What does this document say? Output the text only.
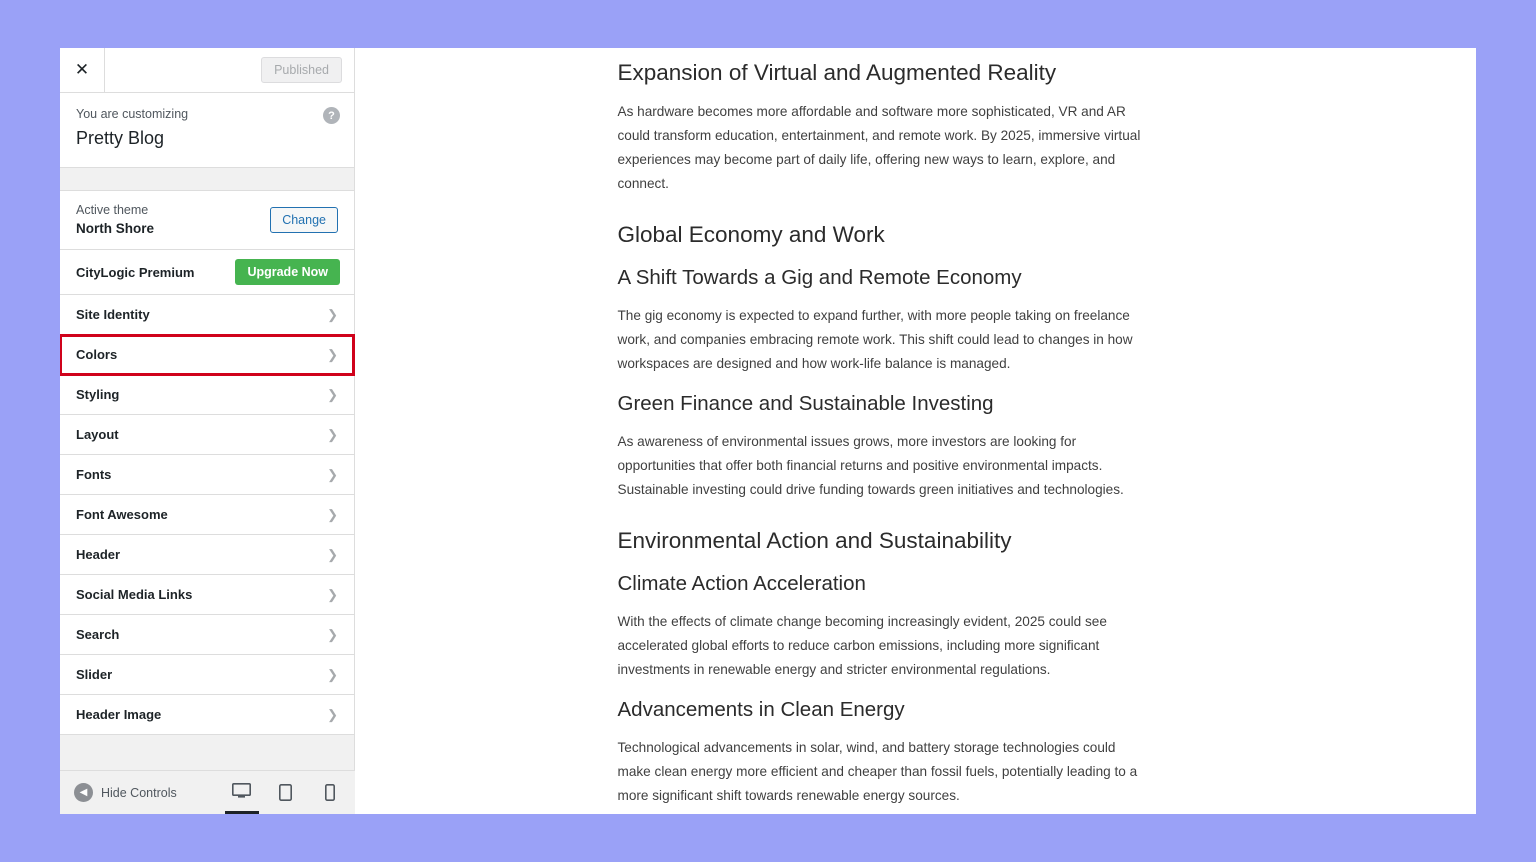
✕	Published
You are customizing
Pretty Blog
?
Active theme
North Shore
Change
CityLogic Premium	Upgrade Now
Site Identity	❯
Colors	❯
Styling	❯
Layout	❯
Fonts	❯
Font Awesome	❯
Header	❯
Social Media Links	❯
Search	❯
Slider	❯
Header Image	❯
◀	Hide Controls
Expansion of Virtual and Augmented Reality

As hardware becomes more affordable and software more sophisticated, VR and AR could transform education, entertainment, and remote work. By 2025, immersive virtual experiences may become part of daily life, offering new ways to learn, explore, and connect.

Global Economy and Work
A Shift Towards a Gig and Remote Economy

The gig economy is expected to expand further, with more people taking on freelance work, and companies embracing remote work. This shift could lead to changes in how workspaces are designed and how work-life balance is managed.

Green Finance and Sustainable Investing

As awareness of environmental issues grows, more investors are looking for opportunities that offer both financial returns and positive environmental impacts. Sustainable investing could drive funding towards green initiatives and technologies.

Environmental Action and Sustainability
Climate Action Acceleration

With the effects of climate change becoming increasingly evident, 2025 could see accelerated global efforts to reduce carbon emissions, including more significant investments in renewable energy and stricter environmental regulations.

Advancements in Clean Energy

Technological advancements in solar, wind, and battery storage technologies could make clean energy more efficient and cheaper than fossil fuels, potentially leading to a more significant shift towards renewable energy sources.
